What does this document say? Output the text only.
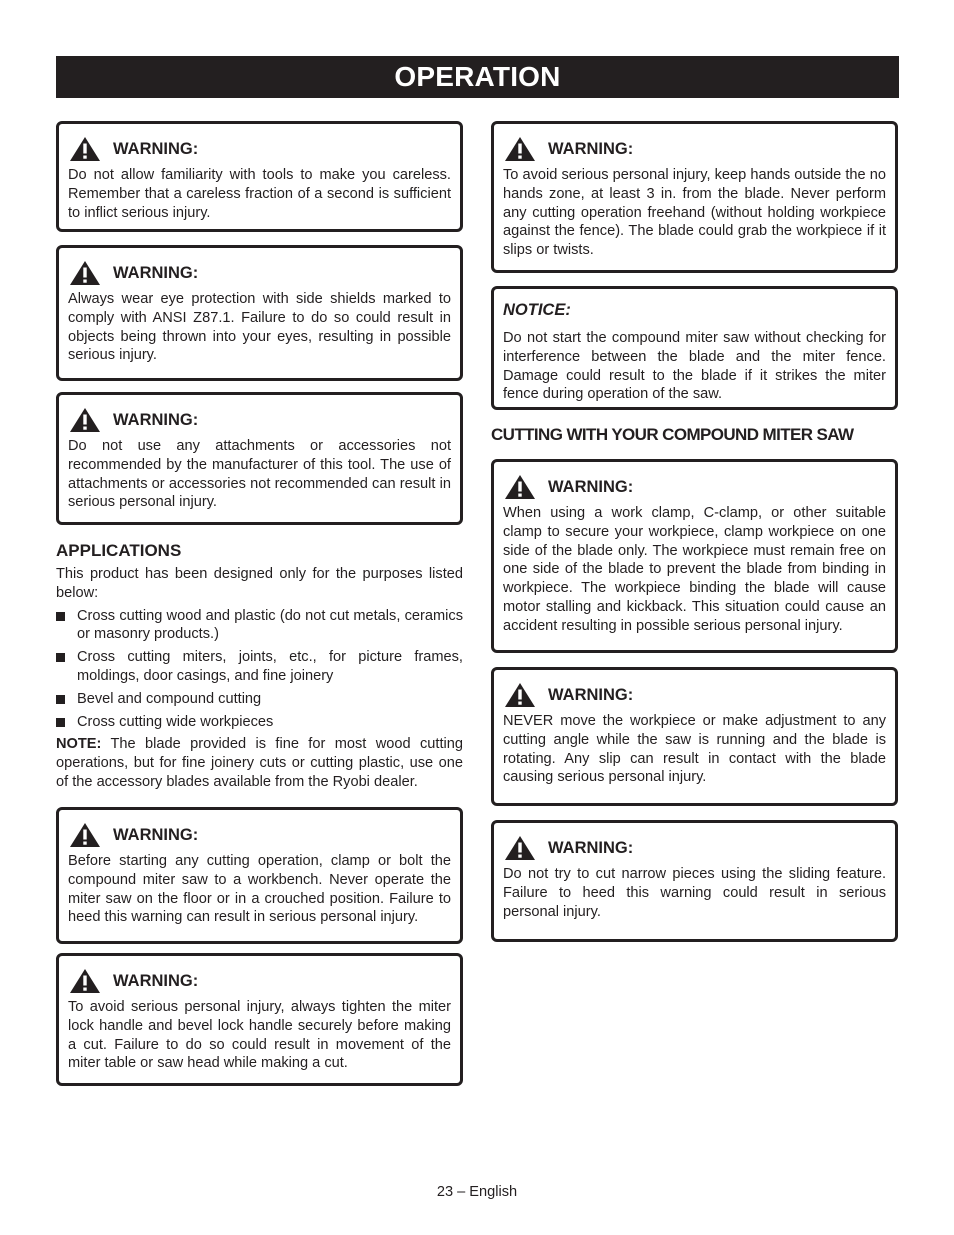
OPERATION
WARNING:

Do not allow familiarity with tools to make you careless. Remember that a careless fraction of a second is sufficient to inflict serious injury.

WARNING:

Always wear eye protection with side shields marked to comply with ANSI Z87.1. Failure to do so could result in objects being thrown into your eyes, resulting in possible serious injury.

WARNING:

Do not use any attachments or accessories not recommended by the manufacturer of this tool. The use of attachments or accessories not recommended can result in serious personal injury.

APPLICATIONS

This product has been designed only for the purposes listed below:

Cross cutting wood and plastic (do not cut metals, ceramics or masonry products.)
Cross cutting miters, joints, etc., for picture frames, moldings, door casings, and fine joinery
Bevel and compound cutting
Cross cutting wide workpieces

NOTE: The blade provided is fine for most wood cutting operations, but for fine joinery cuts or cutting plastic, use one of the accessory blades available from the Ryobi dealer.

WARNING:

Before starting any cutting operation, clamp or bolt the compound miter saw to a workbench. Never operate the miter saw on the floor or in a crouched position. Failure to heed this warning can result in serious personal injury.

WARNING:

To avoid serious personal injury, always tighten the miter lock handle and bevel lock handle securely before making a cut. Failure to do so could result in movement of the miter table or saw head while making a cut.

WARNING:

To avoid serious personal injury, keep hands outside the no hands zone, at least 3 in. from the blade. Never perform any cutting operation freehand (without holding workpiece against the fence). The blade could grab the workpiece if it slips or twists.

NOTICE:

Do not start the compound miter saw without checking for interference between the blade and the miter fence. Damage could result to the blade if it strikes the miter fence during operation of the saw.

CUTTING WITH YOUR COMPOUND MITER SAW
WARNING:

When using a work clamp, C-clamp, or other suitable clamp to secure your workpiece, clamp workpiece on one side of the blade only. The workpiece must remain free on one side of the blade to prevent the blade from binding in workpiece. The workpiece binding the blade will cause motor stalling and kickback. This situation could cause an accident resulting in possible serious personal injury.

WARNING:

NEVER move the workpiece or make adjustment to any cutting angle while the saw is running and the blade is rotating. Any slip can result in contact with the blade causing serious personal injury.

WARNING:

Do not try to cut narrow pieces using the sliding feature. Failure to heed this warning could result in serious personal injury.

23 – English
